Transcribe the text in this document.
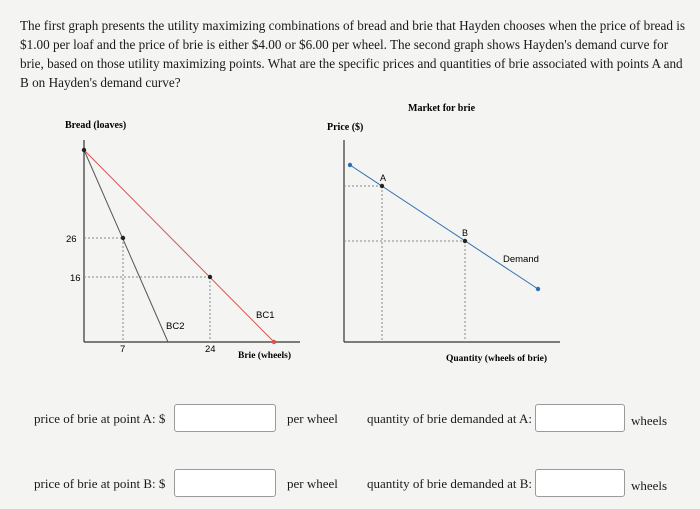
The first graph presents the utility maximizing combinations of bread and brie that Hayden chooses when the price of bread is $1.00 per loaf and the price of brie is either $4.00 or $6.00 per wheel. The second graph shows Hayden's demand curve for brie, based on those utility maximizing points. What are the specific prices and quantities of brie associated with points A and B on Hayden's demand curve?
Bread (loaves)
26
16
7	24
BC2
BC1
Brie (wheels)
Market for brie
Price ($)
A
B
Demand
Quantity (wheels of brie)
price of brie at point A: $	per wheel quantity of brie demanded at A:	wheels
price of brie at point B: $	per wheel quantity of brie demanded at B:	wheels
